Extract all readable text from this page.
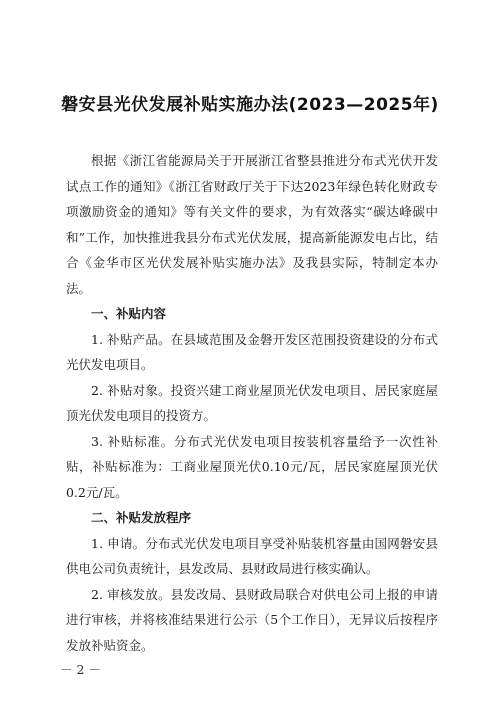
磐安县光伏发展补贴实施办法(2023—2025年)

根据《浙江省能源局关于开展浙江省整县推进分布式光伏开发试点工作的通知》《浙江省财政厅关于下达2023年绿色转化财政专项激励资金的通知》等有关文件的要求，为有效落实“碳达峰碳中和”工作，加快推进我县分布式光伏发展，提高新能源发电占比，结合《金华市区光伏发展补贴实施办法》及我县实际，特制定本办法。

一、补贴内容

1. 补贴产品。在县域范围及金磐开发区范围投资建设的分布式光伏发电项目。

2. 补贴对象。投资兴建工商业屋顶光伏发电项目、居民家庭屋顶光伏发电项目的投资方。

3. 补贴标准。分布式光伏发电项目按装机容量给予一次性补贴，补贴标准为：工商业屋顶光伏0.10元/瓦，居民家庭屋顶光伏0.2元/瓦。

二、补贴发放程序

1. 申请。分布式光伏发电项目享受补贴装机容量由国网磐安县供电公司负责统计，县发改局、县财政局进行核实确认。

2. 审核发放。县发改局、县财政局联合对供电公司上报的申请进行审核，并将核准结果进行公示（5个工作日），无异议后按程序发放补贴资金。

－ 2 －
